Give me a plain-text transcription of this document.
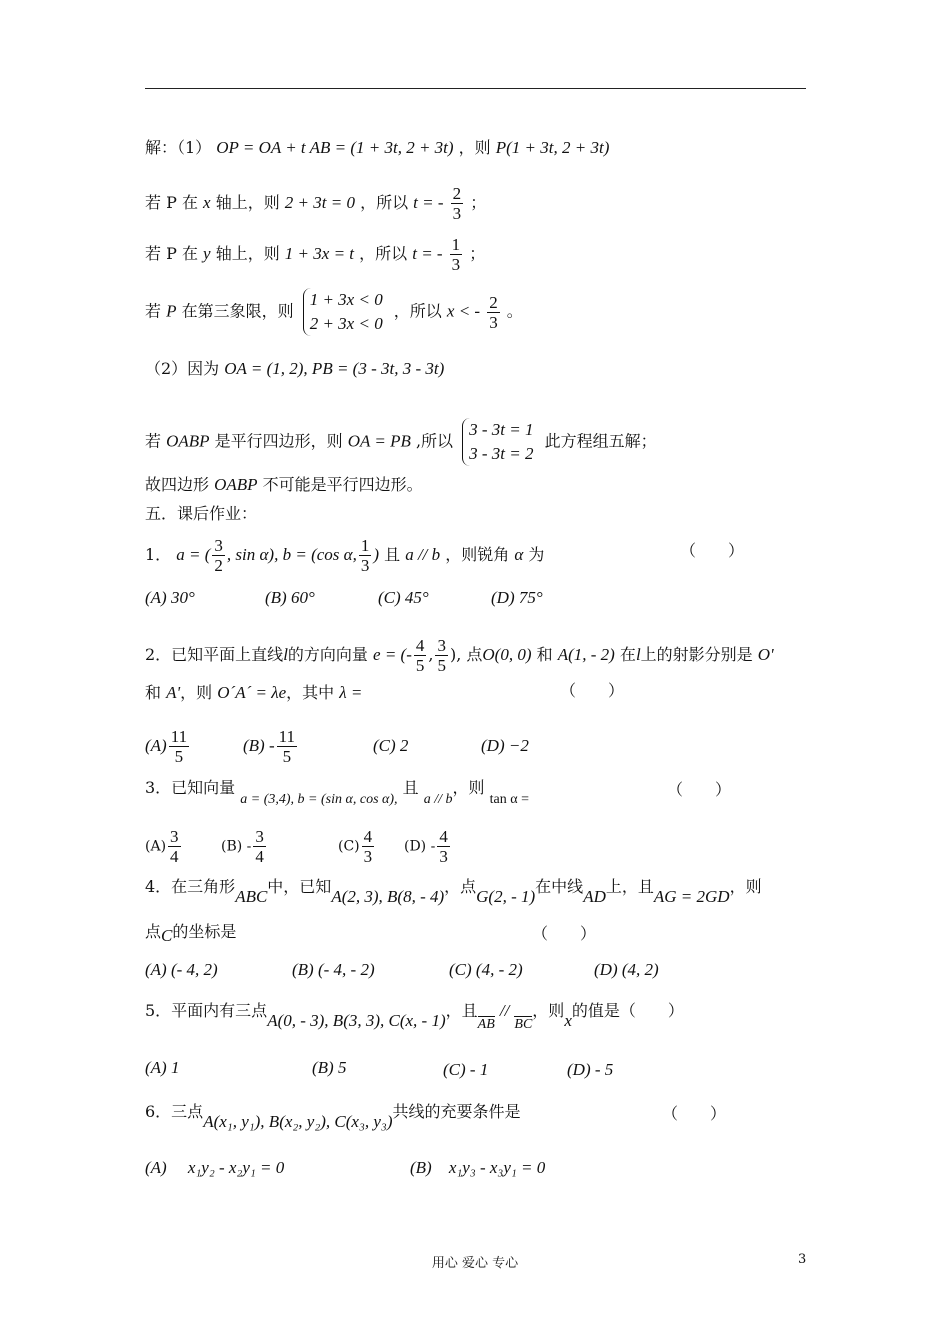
解：（1） OP = OA + t AB = (1 + 3t, 2 + 3t) ，则 P(1 + 3t, 2 + 3t)
若 P 在 x 轴上，则 2 + 3t = 0 ，所以 t = - $\frac{2}{3}$ ；
若 P 在 y 轴上，则 1 + 3x = t ，所以 t = - $\frac{1}{3}$ ；
若 P 在第三象限，则
1 + 3x < 0
2 + 3x < 0
，所以 x < - $\frac{2}{3}$ 。
（2）因为 OA = (1, 2), PB = (3 - 3t, 3 - 3t)
若 OABP 是平行四边形，则 OA = PB ,所以
3 - 3t = 1
3 - 3t = 2
此方程组五解；
故四边形 OABP 不可能是平行四边形。
五．课后作业：
1． a = ( $\frac{3}{2}$ , sin α), b = (cos α, $\frac{1}{3}$ ) 且 a // b ，则锐角 α 为	（　　）
(A) 30°	(B) 60°	(C) 45°	(D) 75°
2．已知平面上直线l的方向向量 e = (- $\frac{4}{5}$ , $\frac{3}{5}$ ), 点O(0, 0) 和 A(1, - 2) 在l上的射影分别是 O'
和 A'，则 O´A´ = λe，其中 λ =	（　　）
$(A) \frac{11}{5}$	$(B) - \frac{11}{5}$	(C) 2	(D) −2
3．已知向量 a = (3,4), b = (sin α, cos α), 且 a // b，则 tan α =
（　　）
$(A) \frac{3}{4}$	$(B) - \frac{3}{4}$	$(C) \frac{4}{3} (D) - \frac{4}{3}$
4．在三角形ABC中，已知A(2, 3), B(8, - 4)，点G(2, - 1)在中线AD上，且AG = 2GD，则
点C的坐标是	（　　）
(A) (- 4, 2)	(B) (- 4, - 2)	(C) (4, - 2)	(D) (4, 2)
5．平面内有三点A(0, - 3), B(3, 3), C(x, - 1)，且AB // BC，则x的值是（　　）
(A) 1	(B) 5	(C) - 1	(D) - 5
6．三点A(x₁, y₁), B(x₂, y₂), C(x₃, y₃)共线的充要条件是	（　　）
(A) x₁y₂ - x₂y₁ = 0	(B) x₁y₃ - x₃y₁ = 0
用心 爱心 专心	3
